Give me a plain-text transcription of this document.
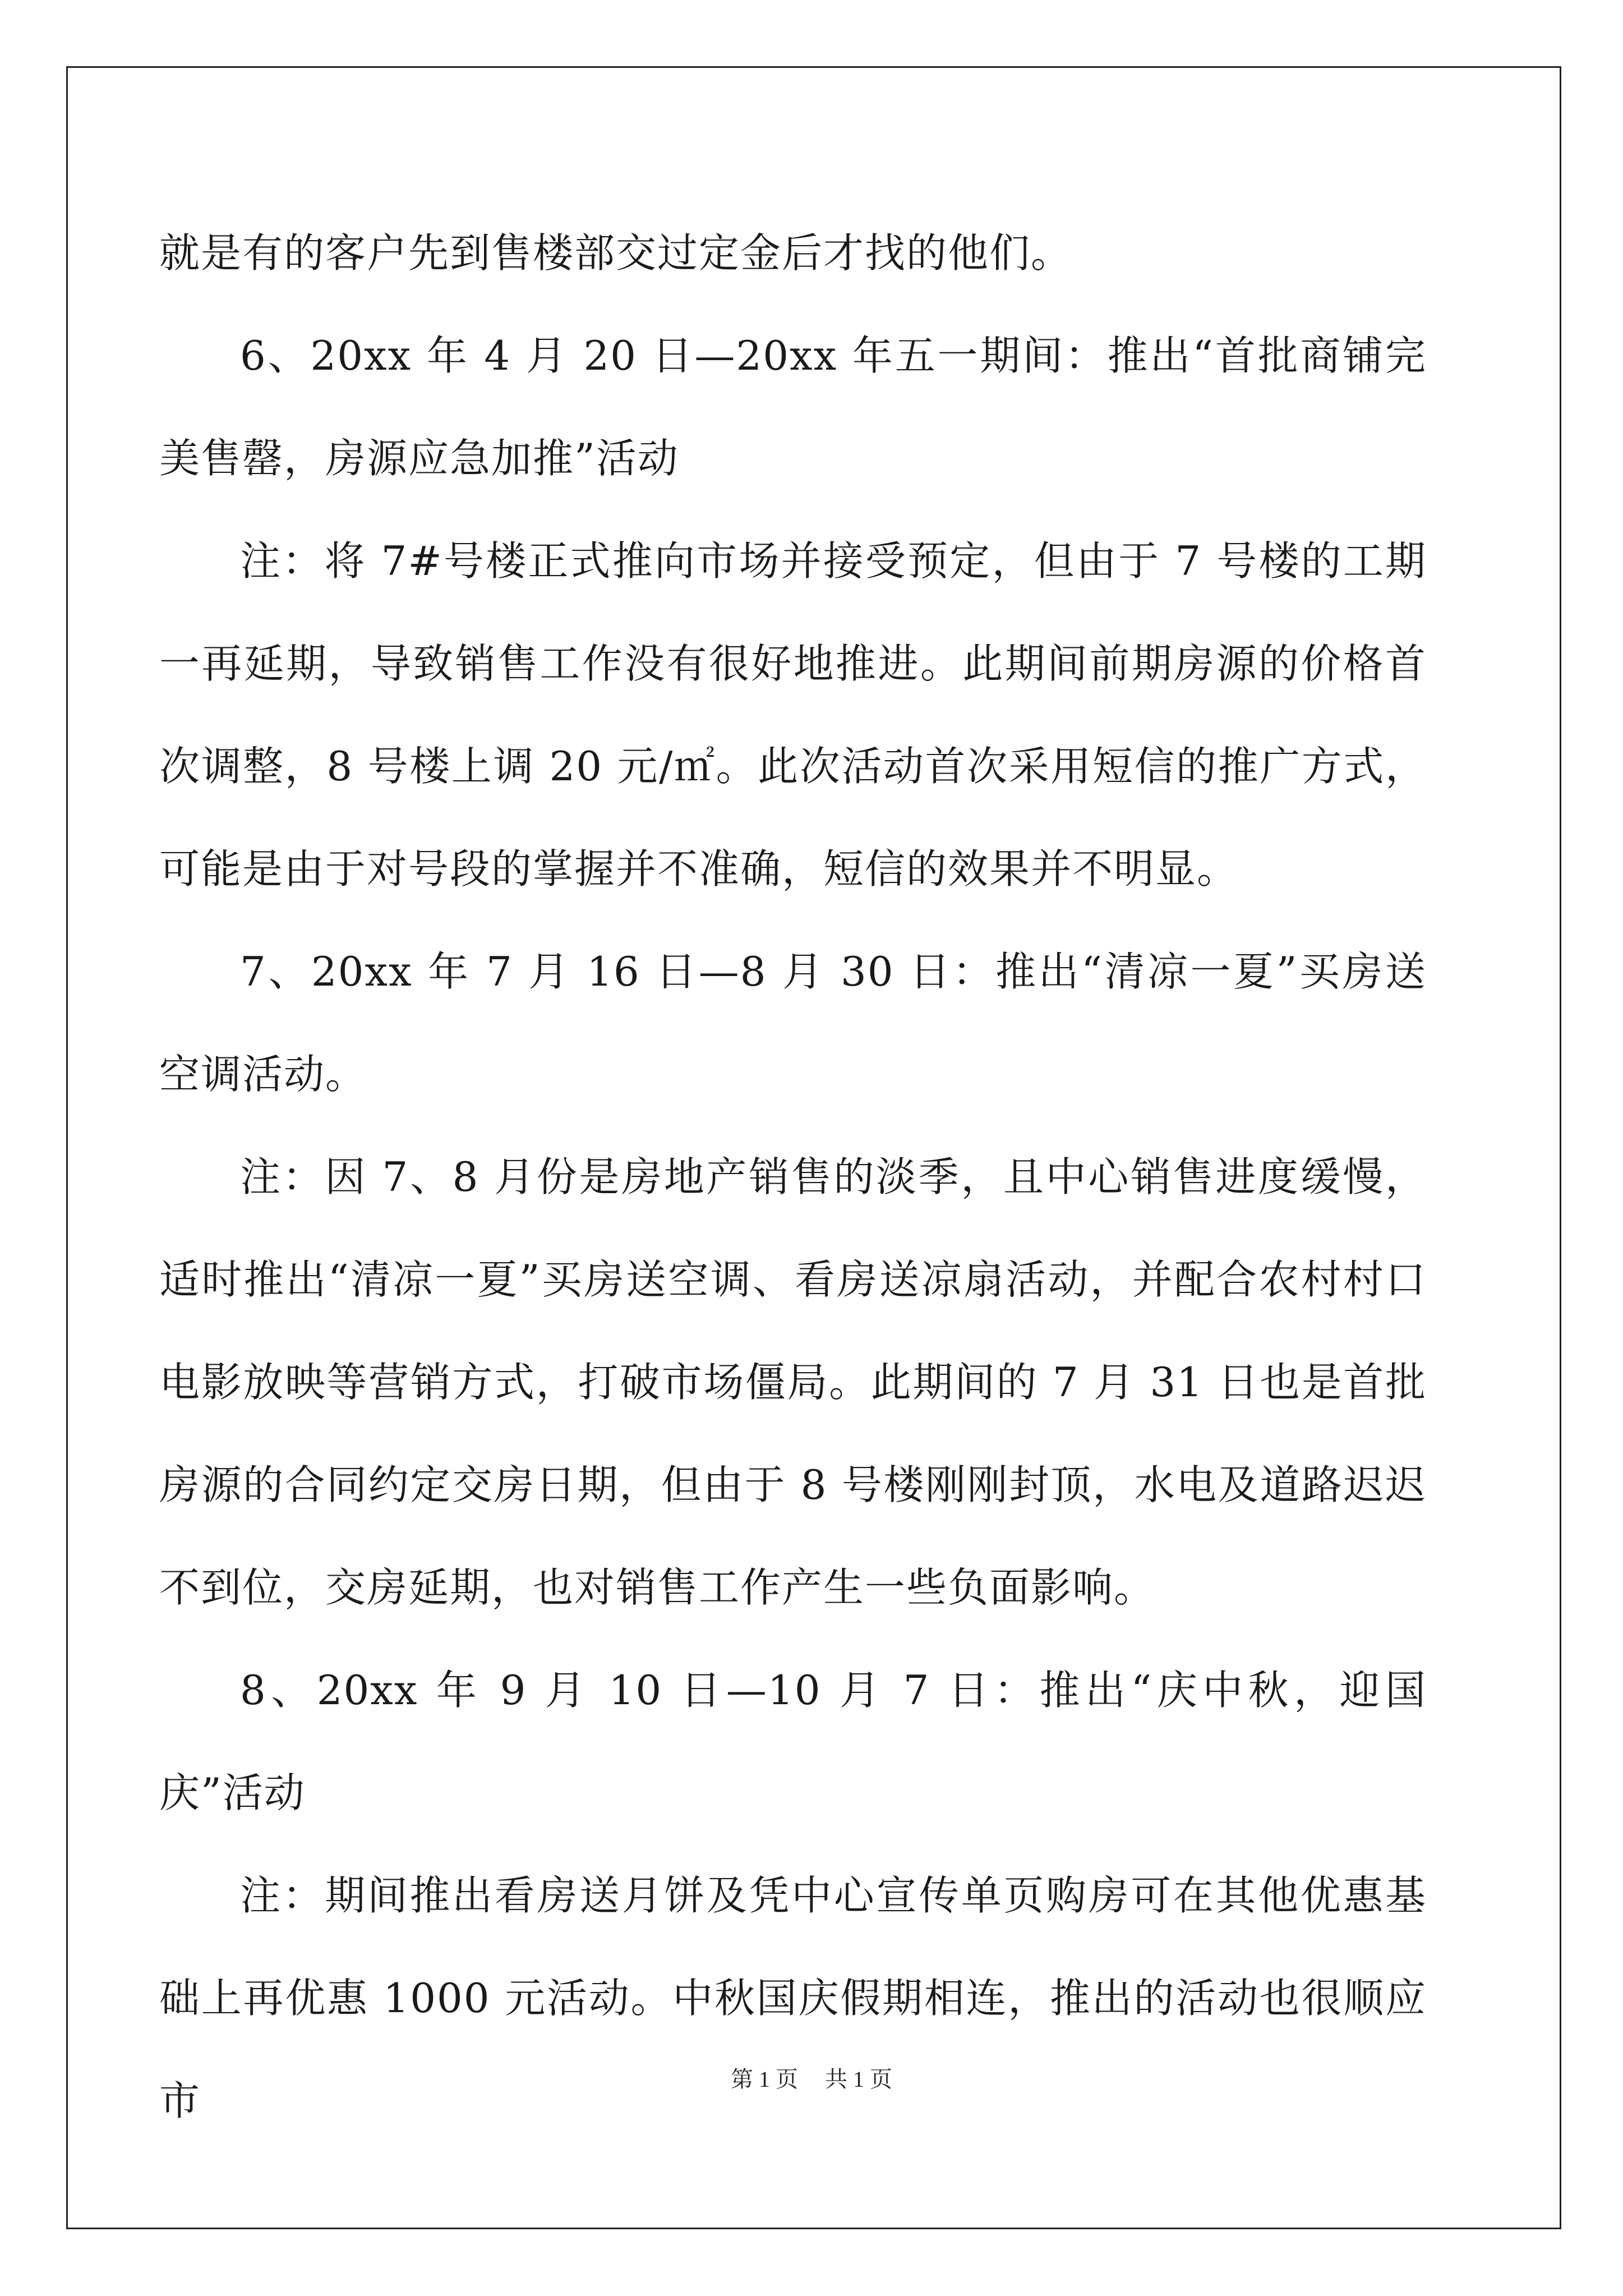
就是有的客户先到售楼部交过定金后才找的他们。

6、20xx 年 4 月 20 日—20xx 年五一期间：推出“首批商铺完美售罄，房源应急加推”活动

注：将 7#号楼正式推向市场并接受预定，但由于 7 号楼的工期一再延期，导致销售工作没有很好地推进。此期间前期房源的价格首次调整，8 号楼上调 20 元/㎡。此次活动首次采用短信的推广方式，可能是由于对号段的掌握并不准确，短信的效果并不明显。

7、20xx 年 7 月 16 日—8 月 30 日：推出“清凉一夏”买房送空调活动。

注：因 7、8 月份是房地产销售的淡季，且中心销售进度缓慢，适时推出“清凉一夏”买房送空调、看房送凉扇活动，并配合农村村口电影放映等营销方式，打破市场僵局。此期间的 7 月 31 日也是首批房源的合同约定交房日期，但由于 8 号楼刚刚封顶，水电及道路迟迟不到位，交房延期，也对销售工作产生一些负面影响。

8、20xx 年 9 月 10 日—10 月 7 日：推出“庆中秋，迎国庆”活动

注：期间推出看房送月饼及凭中心宣传单页购房可在其他优惠基础上再优惠 1000 元活动。中秋国庆假期相连，推出的活动也很顺应市	第 1 页 共 1 页
